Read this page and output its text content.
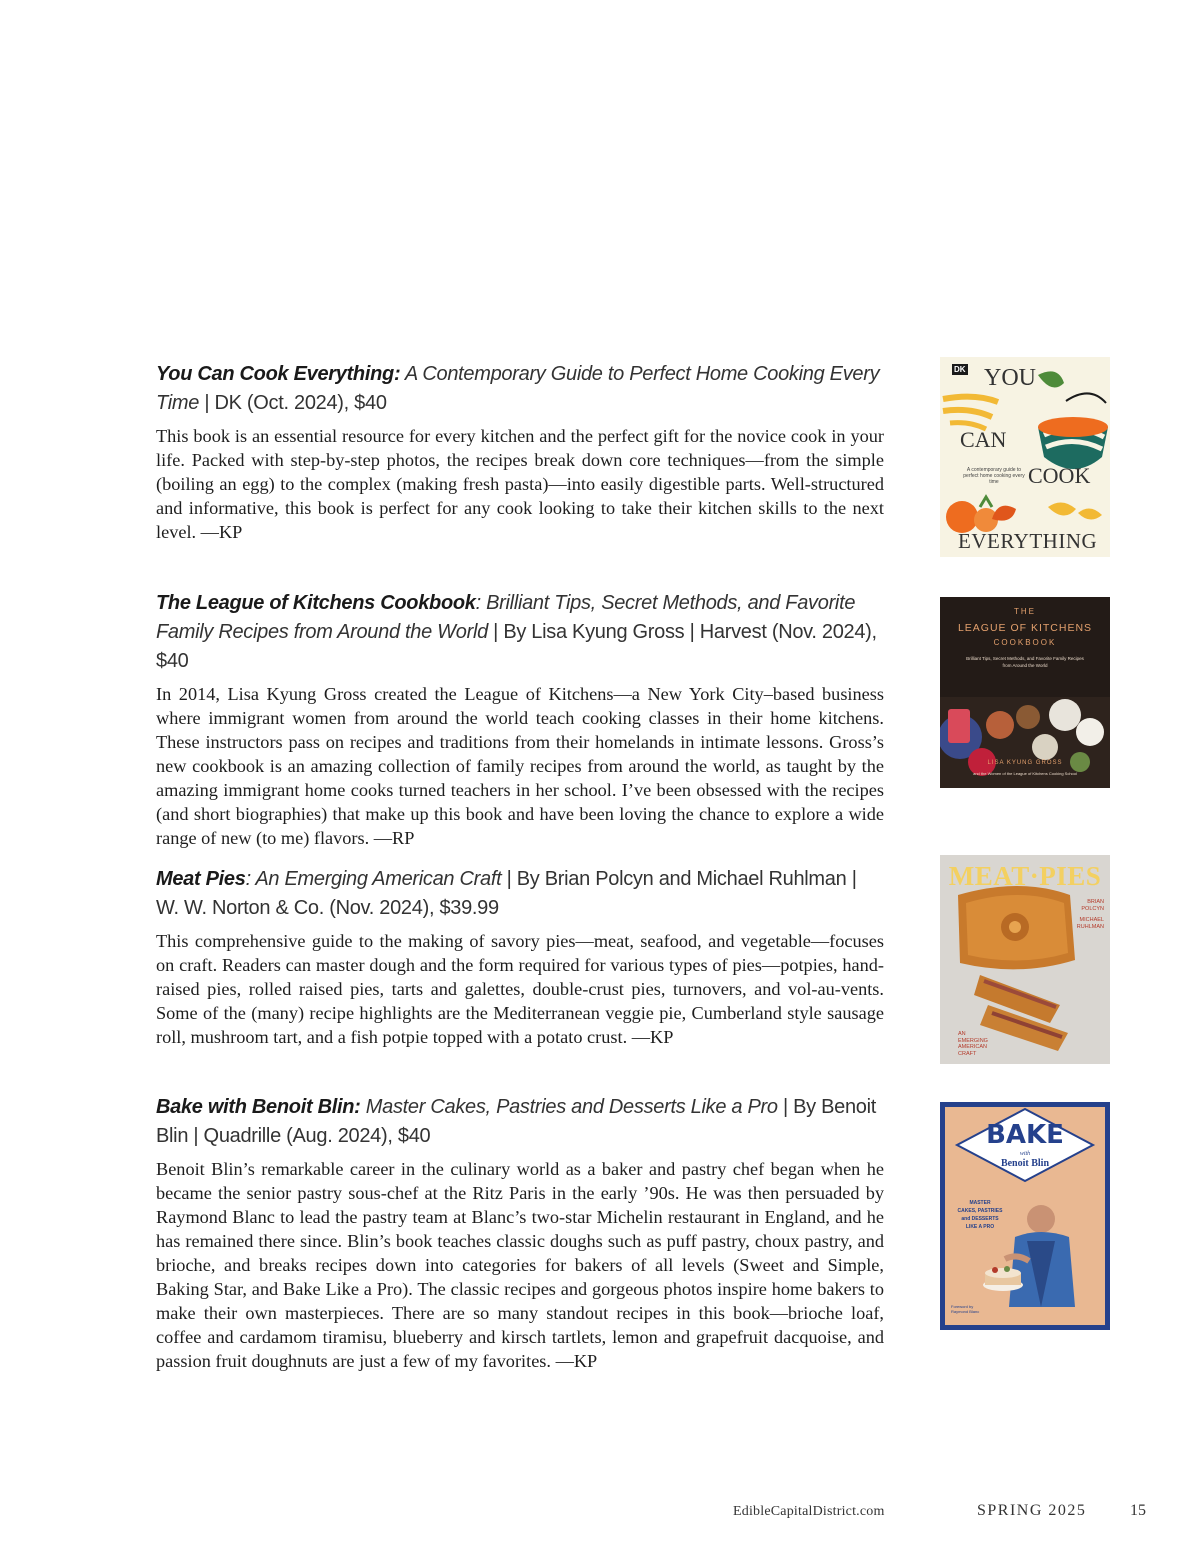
You Can Cook Everything: A Contemporary Guide to Perfect Home Cooking Every Time | DK (Oct. 2024), $40
This book is an essential resource for every kitchen and the perfect gift for the novice cook in your life. Packed with step-by-step photos, the recipes break down core techniques—from the simple (boiling an egg) to the complex (making fresh pasta)—into easily digestible parts. Well-structured and informative, this book is perfect for any cook looking to take their kitchen skills to the next level. —KP
DK YOU
CAN
A contemporary guide to perfect home cooking every time	COOK
EVERYTHING
The League of Kitchens Cookbook: Brilliant Tips, Secret Methods, and Favorite Family Recipes from Around the World | By Lisa Kyung Gross | Harvest (Nov. 2024), $40
In 2014, Lisa Kyung Gross created the League of Kitchens—a New York City–based business where immigrant women from around the world teach cooking classes in their home kitchens. These instructors pass on recipes and traditions from their homelands in intimate lessons. Gross’s new cookbook is an amazing collection of family recipes from around the world, as taught by the amazing immigrant home cooks turned teachers in her school. I’ve been obsessed with the recipes (and short biographies) that make up this book and have been loving the chance to explore a wide range of new (to me) flavors. —RP
THE
LEAGUE OF KITCHENS
COOKBOOK
Brilliant Tips, Secret Methods, and Favorite Family Recipes from Around the World
LISA KYUNG GROSS
and the Women of the League of Kitchens Cooking School
Meat Pies: An Emerging American Craft | By Brian Polcyn and Michael Ruhlman | W. W. Norton & Co. (Nov. 2024), $39.99
This comprehensive guide to the making of savory pies—meat, seafood, and vegetable—focuses on craft. Readers can master dough and the form required for various types of pies—potpies, hand-raised pies, rolled raised pies, tarts and galettes, double-crust pies, turnovers, and vol-au-vents. Some of the (many) recipe highlights are the Mediterranean veggie pie, Cumberland style sausage roll, mushroom tart, and a fish potpie topped with a potato crust. —KP
MEAT·PIES
BRIAN POLCYN
MICHAEL RUHLMAN
AN
EMERGING
AMERICAN
CRAFT
Bake with Benoit Blin: Master Cakes, Pastries and Desserts Like a Pro | By Benoit Blin | Quadrille (Aug. 2024), $40
Benoit Blin’s remarkable career in the culinary world as a baker and pastry chef began when he became the senior pastry sous-chef at the Ritz Paris in the early ’90s. He was then persuaded by Raymond Blanc to lead the pastry team at Blanc’s two-star Michelin restaurant in England, and he has remained there since. Blin’s book teaches classic doughs such as puff pastry, choux pastry, and brioche, and breaks recipes down into categories for bakers of all levels (Sweet and Simple, Baking Star, and Bake Like a Pro). The classic recipes and gorgeous photos inspire home bakers to make their own masterpieces. There are so many standout recipes in this book—brioche loaf, coffee and cardamom tiramisu, blueberry and kirsch tartlets, lemon and grapefruit dacquoise, and passion fruit doughnuts are just a few of my favorites. —KP
BAKE
with
Benoit Blin
MASTER
CAKES, PASTRIES
and DESSERTS
LIKE A PRO
Foreword by Raymond Blanc
EdibleCapitalDistrict.com	SPRING 2025	15
